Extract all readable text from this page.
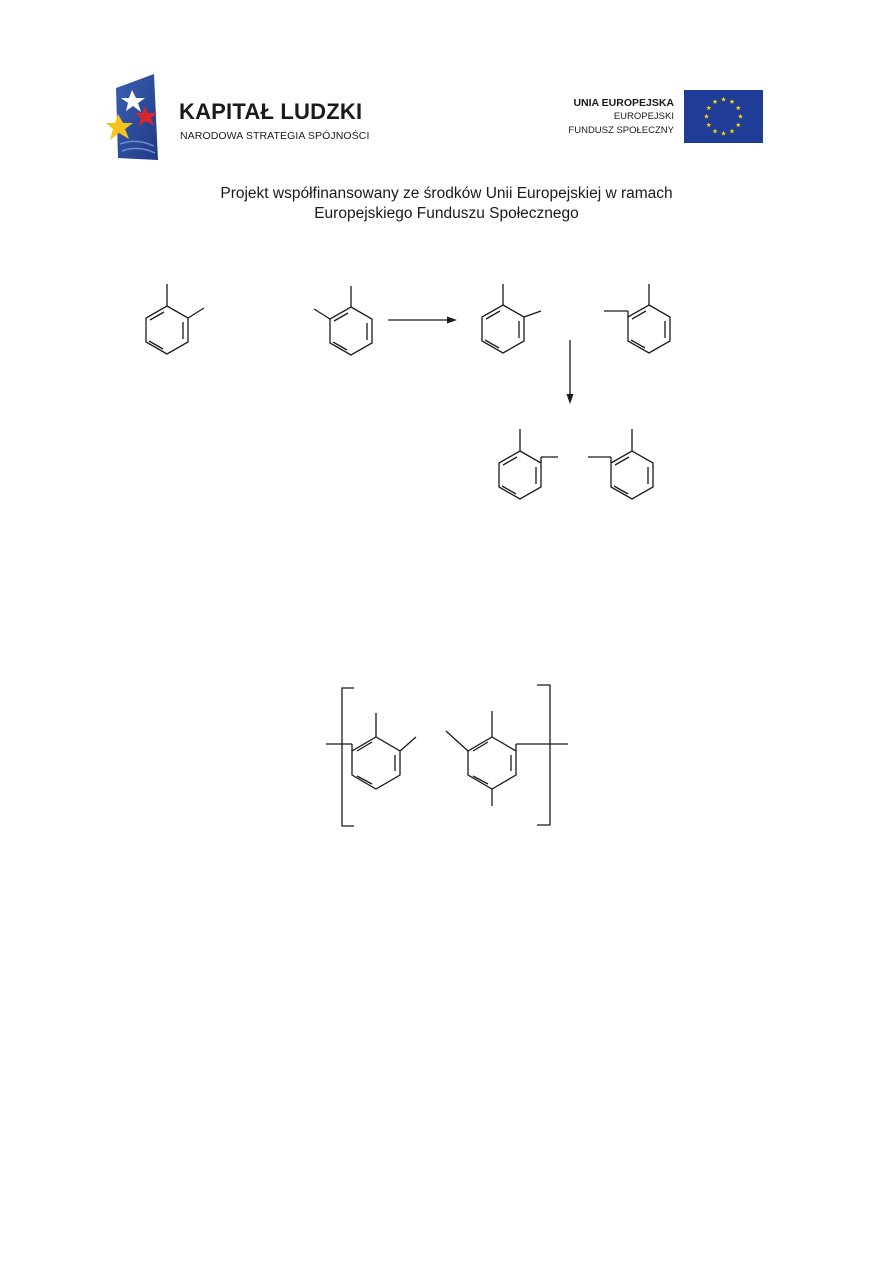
KAPITAŁ LUDZKI
NARODOWA STRATEGIA SPÓJNOŚCI
UNIA EUROPEJSKA
EUROPEJSKI
FUNDUSZ SPOŁECZNY
Projekt współfinansowany ze środków Unii Europejskiej w ramach
Europejskiego Funduszu Społecznego
